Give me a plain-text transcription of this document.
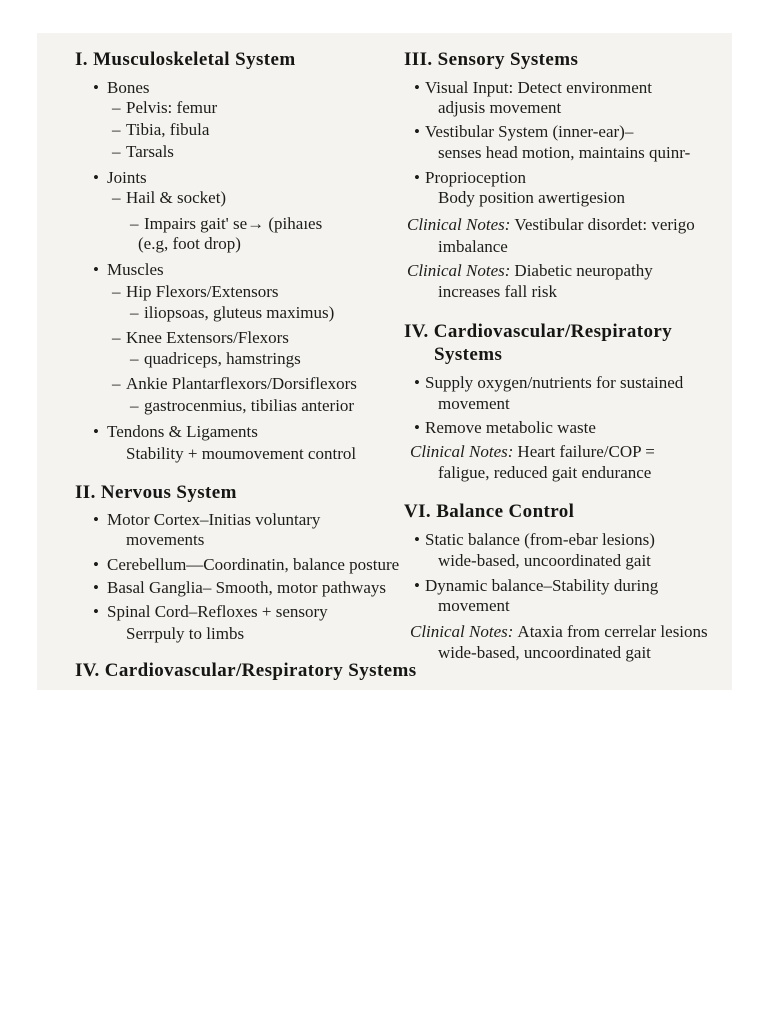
I. Musculoskeletal System
• Bones
– Pelvis: femur
– Tibia, fibula
– Tarsals
• Joints
– Hail & socket)
– Impairs gait' se→ (pihaıes
(e.g, foot drop)
• Muscles
– Hip Flexors/Extensors
– iliopsoas, gluteus maximus)
– Knee Extensors/Flexors
– quadriceps, hamstrings
– Ankie Plantarflexors/Dorsiflexors
– gastrocenmius, tibilias anterior
• Tendons & Ligaments
Stability + moumovement control
II. Nervous System
• Motor Cortex–Initias voluntary
movements
• Cerebellum—Coordinatin, balance posture
• Basal Ganglia– Smooth, motor pathways
• Spinal Cord–Refloxes + sensory
Serrpuly to limbs
IV. Cardiovascular/Respiratory Systems
III. Sensory Systems
• Visual Input: Detect environment
adjusis movement
• Vestibular System (inner-ear)–
senses head motion, maintains quinr-
• Proprioception
Body position awertigesion
Clinical Notes: Vestibular disordet: verigo
imbalance
Clinical Notes: Diabetic neuropathy
increases fall risk
IV. Cardiovascular/Respiratory
Systems
• Supply oxygen/nutrients for sustained
movement
• Remove metabolic waste
Clinical Notes: Heart failure/COP =
faligue, reduced gait endurance
VI. Balance Control
• Static balance (from-ebar lesions)
wide-based, uncoordinated gait
• Dynamic balance–Stability during
movement
Clinical Notes: Ataxia from cerrelar lesions
wide-based, uncoordinated gait
